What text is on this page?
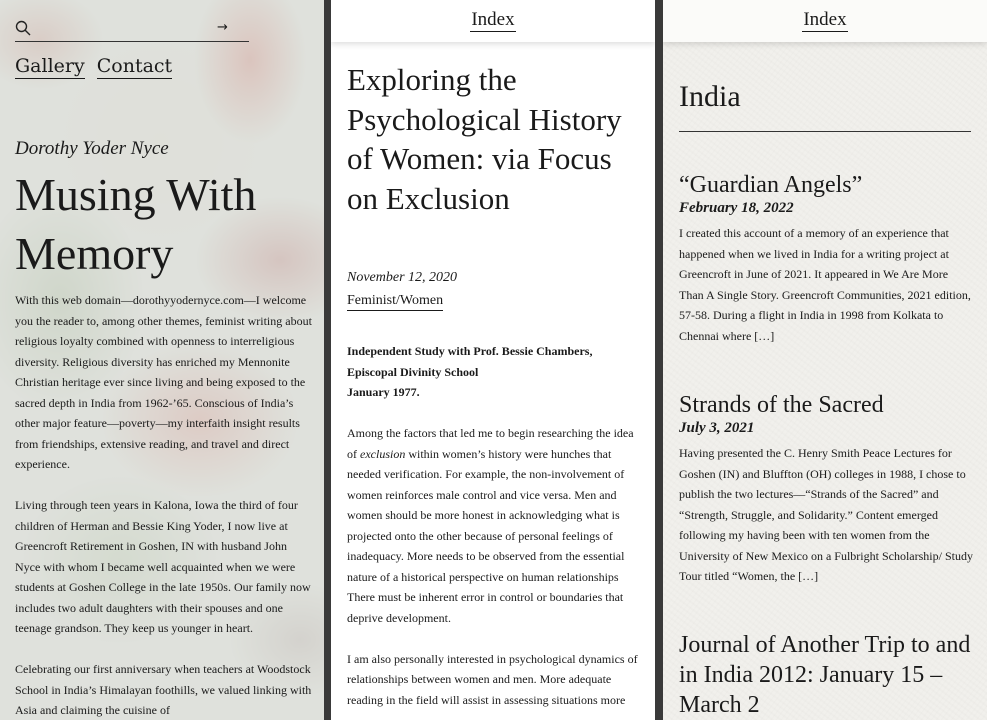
→
Gallery Contact
Dorothy Yoder Nyce
Musing With Memory

With this web domain—dorothyyodernyce.com—I welcome you the reader to, among other themes, feminist writing about religious loyalty combined with openness to interreligious diversity. Religious diversity has enriched my Mennonite Christian heritage ever since living and being exposed to the sacred depth in India from 1962-’65. Conscious of India’s other major feature—poverty—my interfaith insight results from friendships, extensive reading, and travel and direct experience.

Living through teen years in Kalona, Iowa the third of four children of Herman and Bessie King Yoder, I now live at Greencroft Retirement in Goshen, IN with husband John Nyce with whom I became well acquainted when we were students at Goshen College in the late 1950s. Our family now includes two adult daughters with their spouses and one teenage grandson. They keep us younger in heart.

Celebrating our first anniversary when teachers at Woodstock School in India’s Himalayan foothills, we valued linking with Asia and claiming the cuisine of

Index
Exploring the Psychological History of Women: via Focus on Exclusion
November 12, 2020
Feminist/Women

Independent Study with Prof. Bessie Chambers,
Episcopal Divinity School
January 1977.

Among the factors that led me to begin researching the idea of exclusion within women’s history were hunches that needed verification. For example, the non-involvement of women reinforces male control and vice versa. Men and women should be more honest in acknowledging what is projected onto the other because of personal feelings of inadequacy. More needs to be observed from the essential nature of a historical perspective on human relationships There must be inherent error in control or boundaries that deprive development.

I am also personally interested in psychological dynamics of relationships between women and men. More adequate reading in the field will assist in assessing situations more

Index
India
“Guardian Angels”
February 18, 2022
I created this account of a memory of an experience that happened when we lived in India for a writing project at Greencroft in June of 2021. It appeared in We Are More Than A Single Story. Greencroft Communities, 2021 edition, 57-58. During a flight in India in 1998 from Kolkata to Chennai where […]
Strands of the Sacred
July 3, 2021
Having presented the C. Henry Smith Peace Lectures for Goshen (IN) and Bluffton (OH) colleges in 1988, I chose to publish the two lectures—“Strands of the Sacred” and “Strength, Struggle, and Solidarity.” Content emerged following my having been with ten women from the University of New Mexico on a Fulbright Scholarship/ Study Tour titled “Women, the […]
Journal of Another Trip to and in India 2012: January 15 – March 2
